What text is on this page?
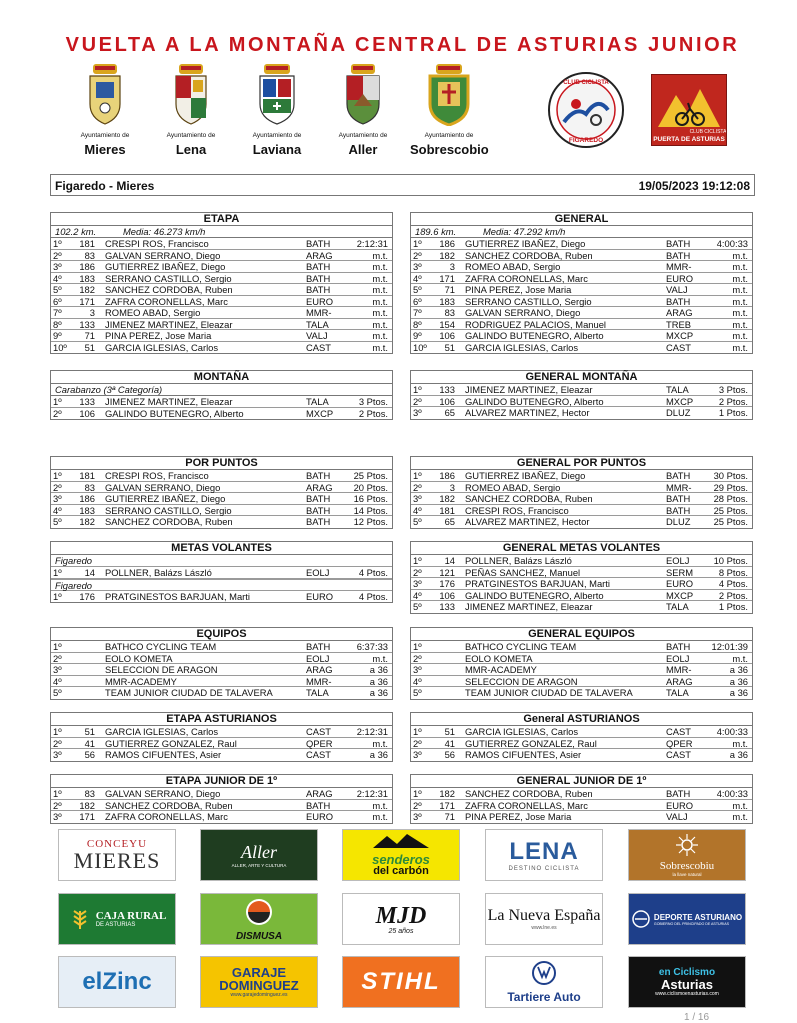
VUELTA A LA MONTAÑA CENTRAL DE ASTURIAS JUNIOR
Ayuntamiento de
Mieres
Ayuntamiento de
Lena
Ayuntamiento de
Laviana
Ayuntamiento de
Aller
Ayuntamiento de
Sobrescobio
CLUB CICLISTA
FIGAREDO
CLUB CICLISTA
PUERTA DE ASTURIAS
Figaredo - Mieres	19/05/2023 19:12:08
ETAPA
102.2 km.	Media: 46.273 km/h
1º	181 CRESPI ROS, Francisco	BATH	2:12:31
2º	83 GALVAN SERRANO, Diego	ARAG	m.t.
3º	186 GUTIERREZ IBAÑEZ, Diego	BATH	m.t.
4º	183 SERRANO CASTILLO, Sergio	BATH	m.t.
5º	182 SANCHEZ CORDOBA, Ruben	BATH	m.t.
6º	171 ZAFRA CORONELLAS, Marc	EURO	m.t.
7º	3 ROMEO ABAD, Sergio	MMR-	m.t.
8º	133 JIMENEZ MARTINEZ, Eleazar	TALA	m.t.
9º	71 PINA PEREZ, Jose Maria	VALJ	m.t.
10º	51 GARCIA IGLESIAS, Carlos	CAST	m.t.
GENERAL
189.6 km.	Media: 47.292 km/h
1º	186 GUTIERREZ IBAÑEZ, Diego	BATH	4:00:33
2º	182 SANCHEZ CORDOBA, Ruben	BATH	m.t.
3º	3 ROMEO ABAD, Sergio	MMR-	m.t.
4º	171 ZAFRA CORONELLAS, Marc	EURO	m.t.
5º	71 PINA PEREZ, Jose Maria	VALJ	m.t.
6º	183 SERRANO CASTILLO, Sergio	BATH	m.t.
7º	83 GALVAN SERRANO, Diego	ARAG	m.t.
8º	154 RODRIGUEZ PALACIOS, Manuel	TREB	m.t.
9º	106 GALINDO BUTENEGRO, Alberto	MXCP	m.t.
10º	51 GARCIA IGLESIAS, Carlos	CAST	m.t.
MONTAÑA
Carabanzo (3ª Categoría)
1º	133 JIMENEZ MARTINEZ, Eleazar	TALA	3 Ptos.
2º	106 GALINDO BUTENEGRO, Alberto	MXCP	2 Ptos.
GENERAL MONTAÑA
1º	133 JIMENEZ MARTINEZ, Eleazar	TALA	3 Ptos.
2º	106 GALINDO BUTENEGRO, Alberto	MXCP	2 Ptos.
3º	65 ALVAREZ MARTINEZ, Hector	DLUZ	1 Ptos.
POR PUNTOS
1º	181 CRESPI ROS, Francisco	BATH 25 Ptos.
2º	83 GALVAN SERRANO, Diego	ARAG 20 Ptos.
3º	186 GUTIERREZ IBAÑEZ, Diego	BATH 16 Ptos.
4º	183 SERRANO CASTILLO, Sergio	BATH 14 Ptos.
5º	182 SANCHEZ CORDOBA, Ruben	BATH 12 Ptos.
GENERAL POR PUNTOS
1º	186 GUTIERREZ IBAÑEZ, Diego	BATH 30 Ptos.
2º	3 ROMEO ABAD, Sergio	MMR- 29 Ptos.
3º	182 SANCHEZ CORDOBA, Ruben	BATH 28 Ptos.
4º	181 CRESPI ROS, Francisco	BATH 25 Ptos.
5º	65 ALVAREZ MARTINEZ, Hector	DLUZ 25 Ptos.
METAS VOLANTES
Figaredo
1º	14 POLLNER, Balázs László	EOLJ	4 Ptos.
Figaredo
1º	176 PRATGINESTOS BARJUAN, Marti	EURO	4 Ptos.
GENERAL METAS VOLANTES
1º	14 POLLNER, Balázs László	EOLJ	10 Ptos.
2º	121 PEÑAS SANCHEZ, Manuel	SERM	8 Ptos.
3º	176 PRATGINESTOS BARJUAN, Marti	EURO	4 Ptos.
4º	106 GALINDO BUTENEGRO, Alberto	MXCP	2 Ptos.
5º	133 JIMENEZ MARTINEZ, Eleazar	TALA	1 Ptos.
EQUIPOS
1º	BATHCO CYCLING TEAM	BATH	6:37:33
2º	EOLO KOMETA	EOLJ	m.t.
3º	SELECCION DE ARAGON	ARAG	a 36
4º	MMR-ACADEMY	MMR-	a 36
5º	TEAM JUNIOR CIUDAD DE TALAVERA	TALA	a 36
GENERAL EQUIPOS
1º	BATHCO CYCLING TEAM	BATH 12:01:39
2º	EOLO KOMETA	EOLJ	m.t.
3º	MMR-ACADEMY	MMR-	a 36
4º	SELECCION DE ARAGON	ARAG	a 36
5º	TEAM JUNIOR CIUDAD DE TALAVERA	TALA	a 36
ETAPA ASTURIANOS
1º	51 GARCIA IGLESIAS, Carlos	CAST	2:12:31
2º	41 GUTIERREZ GONZALEZ, Raul	QPER	m.t.
3º	56 RAMOS CIFUENTES, Asier	CAST	a 36
General ASTURIANOS
1º	51 GARCIA IGLESIAS, Carlos	CAST	4:00:33
2º	41 GUTIERREZ GONZALEZ, Raul	QPER	m.t.
3º	56 RAMOS CIFUENTES, Asier	CAST	a 36
ETAPA JUNIOR DE 1º
1º	83 GALVAN SERRANO, Diego	ARAG	2:12:31
2º	182 SANCHEZ CORDOBA, Ruben	BATH	m.t.
3º	171 ZAFRA CORONELLAS, Marc	EURO	m.t.
GENERAL JUNIOR DE 1º
1º	182 SANCHEZ CORDOBA, Ruben	BATH	4:00:33
2º	171 ZAFRA CORONELLAS, Marc	EURO	m.t.
3º	71 PINA PEREZ, Jose Maria	VALJ	m.t.
CONCEYU
MIERES	Aller
ALLER, ARTE Y CULTURA	senderos
del carbón
LENA
DESTINO CICLISTA	Sobrescobiu
la llave natural
CAJA RURAL
DE ASTURIAS
DISMUSA
MJD
25 años
La Nueva España
www.lne.es
DEPORTE ASTURIANO
GOBIERNO DEL PRINCIPADO DE ASTURIAS
elZinc	GARAJE
DOMINGUEZ
www.garajedominguez.es	STIHL
Tartiere Auto
en Ciclismo
Asturias
www.ciclismoenasturias.com
1 / 16
